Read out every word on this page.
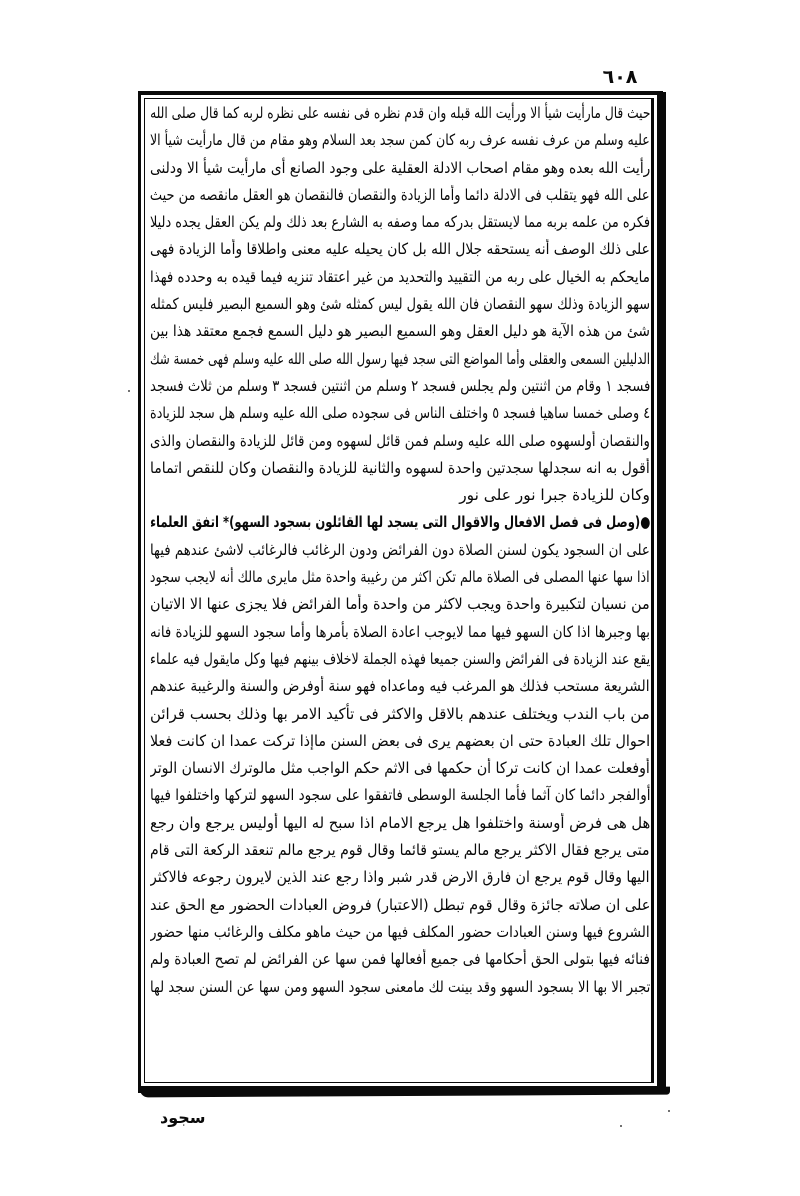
٦٠٨
حيث قال مارأيت شيأ الا ورأيت الله قبله وان قدم نظره فى نفسه على نظره لربه كما قال صلى الله
عليه وسلم من عرف نفسه عرف ربه كان كمن سجد بعد السلام وهو مقام من قال مارأيت شيأ الا
رأيت الله بعده وهو مقام اصحاب الادلة العقلية على وجود الصانع أى مارأيت شيأ الا ودلنى
على الله فهو يتقلب فى الادلة دائما وأما الزيادة والنقصان فالنقصان هو العقل مانقصه من حيث
فكره من علمه بربه مما لايستقل بدركه مما وصفه به الشارع بعد ذلك ولم يكن العقل يجده دليلا
على ذلك الوصف أنه يستحقه جلال الله بل كان يحيله عليه معنى واطلاقا وأما الزيادة فهى
مايحكم به الخيال على ربه من التقييد والتحديد من غير اعتقاد تنزيه فيما قيده به وحدده فهذا
سهو الزيادة وذلك سهو النقصان فان الله يقول ليس كمثله شئ وهو السميع البصير فليس كمثله
شئ من هذه الآية هو دليل العقل وهو السميع البصير هو دليل السمع فجمع معتقد هذا بين
الدليلين السمعى والعقلى وأما المواضع التى سجد فيها رسول الله صلى الله عليه وسلم فهى خمسة شك
فسجد ١ وقام من اثنتين ولم يجلس فسجد ٢ وسلم من اثنتين فسجد ٣ وسلم من ثلاث فسجد
٤ وصلى خمسا ساهيا فسجد ٥ واختلف الناس فى سجوده صلى الله عليه وسلم هل سجد للزيادة
والنقصان أولسهوه صلى الله عليه وسلم فمن قائل لسهوه ومن قائل للزيادة والنقصان والذى
أقول به انه سجدلها سجدتين واحدة لسهوه والثانية للزيادة والنقصان وكان للنقص اتماما
وكان للزيادة جبرا نور على نور
●(وصل فى فصل الافعال والاقوال التى يسجد لها القائلون بسجود السهو)* اتفق العلماء
على ان السجود يكون لسنن الصلاة دون الفرائض ودون الرغائب فالرغائب لاشئ عندهم فيها
اذا سها عنها المصلى فى الصلاة مالم تكن اكثر من رغيبة واحدة مثل مايرى مالك أنه لايجب سجود
من نسيان لتكبيرة واحدة ويجب لاكثر من واحدة وأما الفرائض فلا يجزى عنها الا الاتيان
بها وجبرها اذا كان السهو فيها مما لايوجب اعادة الصلاة بأمرها وأما سجود السهو للزيادة فانه
يقع عند الزيادة فى الفرائض والسنن جميعا فهذه الجملة لاخلاف بينهم فيها وكل مايقول فيه علماء
الشريعة مستحب فذلك هو المرغب فيه وماعداه فهو سنة أوفرض والسنة والرغيبة عندهم
من باب الندب ويختلف عندهم بالاقل والاكثر فى تأكيد الامر بها وذلك بحسب قرائن
احوال تلك العبادة حتى ان بعضهم يرى فى بعض السنن ماإذا تركت عمدا ان كانت فعلا
أوفعلت عمدا ان كانت تركا أن حكمها فى الاثم حكم الواجب مثل مالوترك الانسان الوتر
أوالفجر دائما كان آثما فأما الجلسة الوسطى فاتفقوا على سجود السهو لتركها واختلفوا فيها
هل هى فرض أوسنة واختلفوا هل يرجع الامام اذا سبح له اليها أوليس يرجع وان رجع
متى يرجع فقال الاكثر يرجع مالم يستو قائما وقال قوم يرجع مالم تنعقد الركعة التى قام
اليها وقال قوم يرجع ان فارق الارض قدر شبر واذا رجع عند الذين لايرون رجوعه فالاكثر
على ان صلاته جائزة وقال قوم تبطل (الاعتبار) فروض العبادات الحضور مع الحق عند
الشروع فيها وسنن العبادات حضور المكلف فيها من حيث ماهو مكلف والرغائب منها حضور
فنائه فيها بتولى الحق أحكامها فى جميع أفعالها فمن سها عن الفرائض لم تصح العبادة ولم
تجبر الا بها الا بسجود السهو وقد بينت لك مامعنى سجود السهو ومن سها عن السنن سجد لها
سجود
